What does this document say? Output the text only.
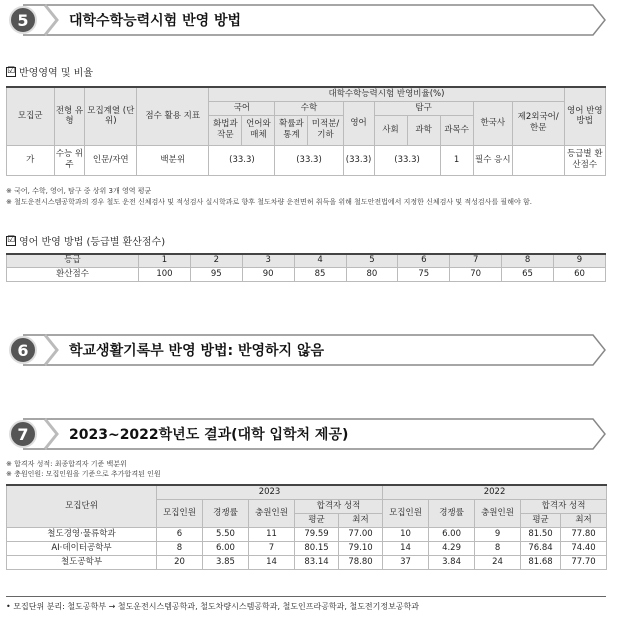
5	대학수학능력시험 반영 방법
☑ 반영영역 및 비율
모집군	전형 유형	모집계열 (단위)	점수 활용 지표	대학수학능력시험 반영비율(%)										영어 반영 방법
				국어		수학		영어	탐구			한국사	제2외국어/ 한문	
				화법과 작문	언어와 매체	확률과 통계	미적분/ 기하		사회	과학	과목수			
가	수능 위주	인문/자연	백분위	(33.3)		(33.3)		(33.3)	(33.3)		1	필수 응시		등급별 환산점수
※ 국어, 수학, 영어, 탐구 중 상위 3개 영역 평균
※ 철도운전시스템공학과의 경우 철도 운전 신체검사 및 적성검사 실시학과로 향후 철도차량 운전면허 취득을 위해 철도안전법에서 지정한 신체검사 및 적성검사를 필해야 함.
☑ 영어 반영 방법 (등급별 환산점수)
등급	1	2	3	4	5	6	7	8	9
환산점수	100	95	90	85	80	75	70	65	60
6	학교생활기록부 반영 방법: 반영하지 않음
7	2023~2022학년도 결과(대학 입학처 제공)
※ 합격자 성적: 최종합격자 기준 백분위
※ 충원인원: 모집인원을 기준으로 추가합격된 인원
모집단위	2023					2022				
	모집인원	경쟁률	충원인원	합격자 성적		모집인원	경쟁률	충원인원	합격자 성적	
				평균	최저				평균	최저
철도경영·물류학과	6	5.50	11	79.59	77.00	10	6.00	9	81.50	77.80
AI·데이터공학부	8	6.00	7	80.15	79.10	14	4.29	8	76.84	74.40
철도공학부	20	3.85	14	83.14	78.80	37	3.84	24	81.68	77.70
• 모집단위 분리: 철도공학부 → 철도운전시스템공학과, 철도차량시스템공학과, 철도인프라공학과, 철도전기정보공학과
